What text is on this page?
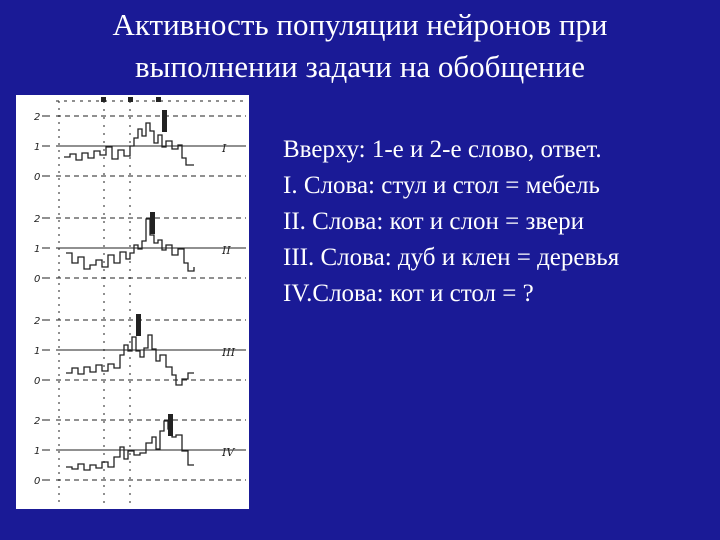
Активность популяции нейронов при
выполнении задачи на обобщение
2
1
0
I
2
1
0
II
2
1
0
III
2
1
0
IV
Вверху: 1-е и 2-е слово, ответ.
I. Слова: стул и стол = мебель
II. Слова: кот и слон = звери
III. Слова: дуб и клен = деревья
IV.Слова: кот и стол = ?
